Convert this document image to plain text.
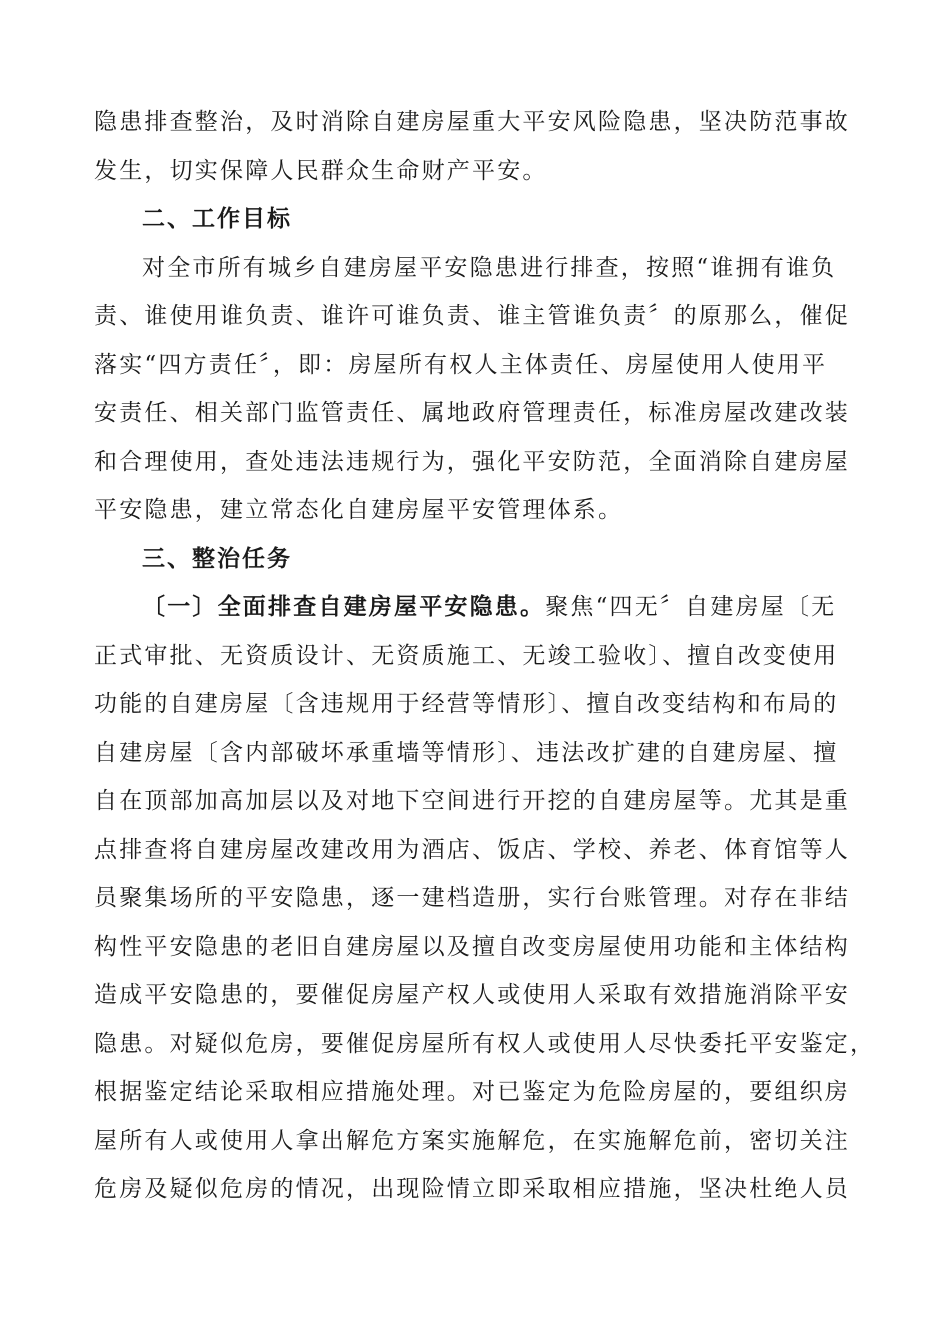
隐患排查整治，及时消除自建房屋重大平安风险隐患，坚决防范事故
发生，切实保障人民群众生命财产平安。
二、工作目标
对全市所有城乡自建房屋平安隐患进行排查，按照“谁拥有谁负
责、谁使用谁负责、谁许可谁负责、谁主管谁负责〞的原那么，催促
落实“四方责任〞，即：房屋所有权人主体责任、房屋使用人使用平
安责任、相关部门监管责任、属地政府管理责任，标准房屋改建改装
和合理使用，查处违法违规行为，强化平安防范，全面消除自建房屋
平安隐患，建立常态化自建房屋平安管理体系。
三、整治任务
〔一〕全面排查自建房屋平安隐患。聚焦“四无〞自建房屋〔无
正式审批、无资质设计、无资质施工、无竣工验收〕、擅自改变使用
功能的自建房屋〔含违规用于经营等情形〕、擅自改变结构和布局的
自建房屋〔含内部破坏承重墙等情形〕、违法改扩建的自建房屋、擅
自在顶部加高加层以及对地下空间进行开挖的自建房屋等。尤其是重
点排查将自建房屋改建改用为酒店、饭店、学校、养老、体育馆等人
员聚集场所的平安隐患，逐一建档造册，实行台账管理。对存在非结
构性平安隐患的老旧自建房屋以及擅自改变房屋使用功能和主体结构
造成平安隐患的，要催促房屋产权人或使用人采取有效措施消除平安
隐患。对疑似危房，要催促房屋所有权人或使用人尽快委托平安鉴定，
根据鉴定结论采取相应措施处理。对已鉴定为危险房屋的，要组织房
屋所有人或使用人拿出解危方案实施解危，在实施解危前，密切关注
危房及疑似危房的情况，出现险情立即采取相应措施，坚决杜绝人员
